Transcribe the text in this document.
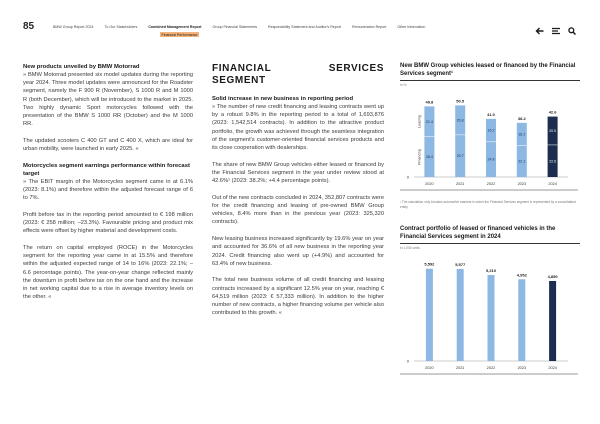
85	BMW Group Report 2024	To Our Stakeholders	Combined Management Report	Group Financial Statements	Responsibility Statement and Auditor's Report	Remuneration Report	Other Information
Financial Performance
New products unveiled by BMW Motorrad

» BMW Motorrad presented six model updates during the reporting year 2024. Three model updates were announced for the Roadster segment, namely the F 900 R (November), S 1000 R and M 1000 R (both December), which will be introduced to the market in 2025. Two highly dynamic Sport motorcycles followed with the presentation of the BMW S 1000 RR (October) and the M 1000 RR.

The updated scooters C 400 GT and C 400 X, which are ideal for urban mobility, were launched in early 2025. «

Motorcycles segment earnings performance within forecast target

» The EBIT margin of the Motorcycles segment came in at 6.1% (2023: 8.1%) and therefore within the adjusted forecast range of 6 to 7%.

Profit before tax in the reporting period amounted to € 198 million (2023: € 258 million; –23.3%). Favourable pricing and product mix effects were offset by higher material and development costs.

The return on capital employed (ROCE) in the Motorcycles segment for the reporting year came in at 15.5% and therefore within the adjusted expected range of 14 to 16% (2023: 22.1%; –6.6 percentage points). The year-on-year change reflected mainly the downturn in profit before tax on the one hand and the increase in net working capital due to a rise in average inventory levels on the other. «

FINANCIAL SERVICES SEGMENT
Solid increase in new business in reporting period

» The number of new credit financing and leasing contracts went up by a robust 9.8% in the reporting period to a total of 1,693,876 (2023: 1,542,514 contracts). In addition to the attractive product portfolio, the growth was achieved through the seamless integration of the segment's customer-oriented financial services products and its close cooperation with dealerships.

The share of new BMW Group vehicles either leased or financed by the Financial Services segment in the year under review stood at 42.6%¹ (2023: 38.2%; +4.4 percentage points).

Out of the new contracts concluded in 2024, 352,807 contracts were for the credit financing and leasing of pre-owned BMW Group vehicles, 8.4% more than in the previous year (2023: 325,320 contracts).

New leasing business increased significantly by 19.6% year on year and accounted for 36.6% of all new business in the reporting year 2024. Credit financing also went up (+4.9%) and accounted for 63.4% of new business.

The total new business volume of all credit financing and leasing contracts increased by a significant 12.5% year on year, reaching € 64,519 million (2023: € 57,333 million). In addition to the higher number of new contracts, a higher financing volume per vehicle also contributed to this growth. «

New BMW Group vehicles leased or financed by the Financial Services segment¹
in %
0
28.4
21.4
49.8
2020
29.7
20.8
50.5
2021
24.8
16.2
41.0
2022
22.1
16.1
38.2
2023
22.6
20.0
42.6
2024
Financing
Leasing
¹ The calculation only includes automotive markets in which the Financial Services segment is represented by a consolidated entity.
Contract portfolio of leased or financed vehicles in the Financial Services segment in 2024
in 1,000 units
0
5,592
2020
5,577
2021
5,210
2022
4,952
2023
4,850
2024
